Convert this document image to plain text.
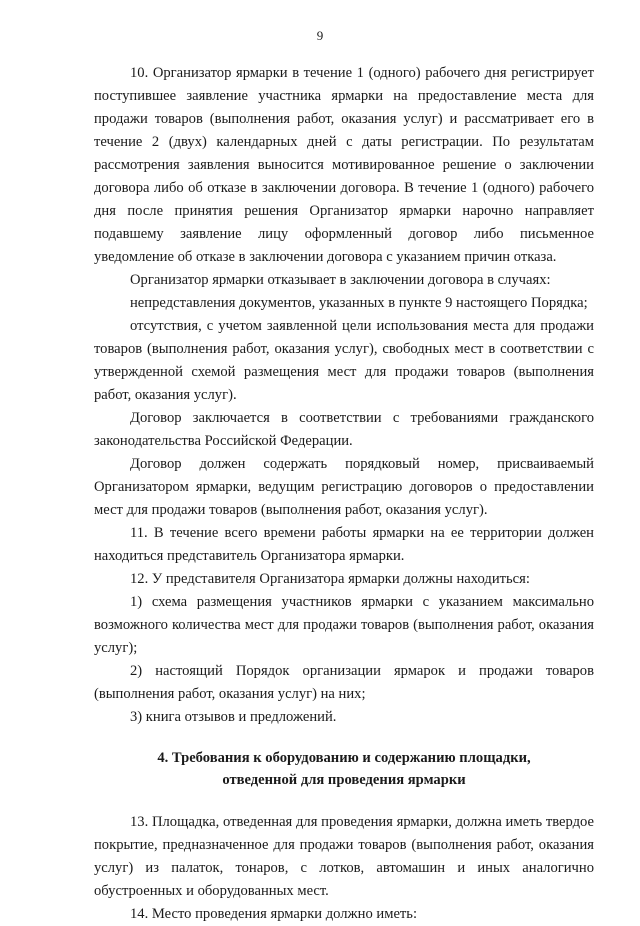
9

10. Организатор ярмарки в течение 1 (одного) рабочего дня регистрирует поступившее заявление участника ярмарки на предоставление места для продажи товаров (выполнения работ, оказания услуг) и рассматривает его в течение 2 (двух) календарных дней с даты регистрации. По результатам рассмотрения заявления выносится мотивированное решение о заключении договора либо об отказе в заключении договора. В течение 1 (одного) рабочего дня после принятия решения Организатор ярмарки нарочно направляет подавшему заявление лицу оформленный договор либо письменное уведомление об отказе в заключении договора с указанием причин отказа.

Организатор ярмарки отказывает в заключении договора в случаях:

непредставления документов, указанных в пункте 9 настоящего Порядка;

отсутствия, с учетом заявленной цели использования места для продажи товаров (выполнения работ, оказания услуг), свободных мест в соответствии с утвержденной схемой размещения мест для продажи товаров (выполнения работ, оказания услуг).

Договор заключается в соответствии с требованиями гражданского законодательства Российской Федерации.

Договор должен содержать порядковый номер, присваиваемый Организатором ярмарки, ведущим регистрацию договоров о предоставлении мест для продажи товаров (выполнения работ, оказания услуг).

11. В течение всего времени работы ярмарки на ее территории должен находиться представитель Организатора ярмарки.

12. У представителя Организатора ярмарки должны находиться:

1) схема размещения участников ярмарки с указанием максимально возможного количества мест для продажи товаров (выполнения работ, оказания услуг);

2) настоящий Порядок организации ярмарок и продажи товаров (выполнения работ, оказания услуг) на них;

3) книга отзывов и предложений.

4. Требования к оборудованию и содержанию площадки,
отведенной для проведения ярмарки

13. Площадка, отведенная для проведения ярмарки, должна иметь твердое покрытие, предназначенное для продажи товаров (выполнения работ, оказания услуг) из палаток, тонаров, с лотков, автомашин и иных аналогично обустроенных и оборудованных мест.

14. Место проведения ярмарки должно иметь:
